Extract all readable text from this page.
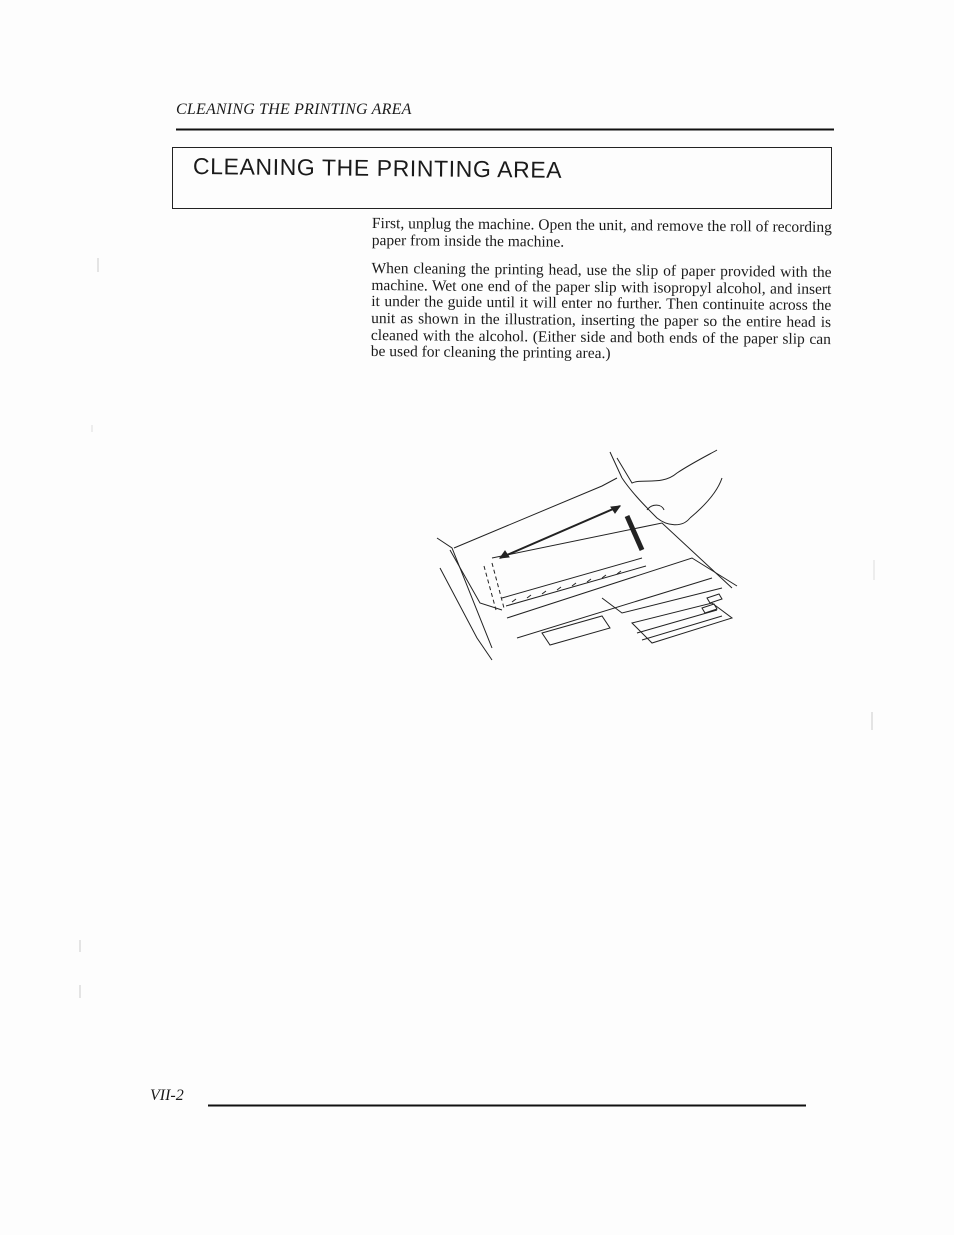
CLEANING THE PRINTING AREA
CLEANING THE PRINTING AREA

First, unplug the machine. Open the unit, and remove the roll of recording paper from inside the machine.

When cleaning the printing head, use the slip of paper provided with the machine. Wet one end of the paper slip with isopropyl alcohol, and insert it under the guide until it will enter no further. Then continuite across the unit as shown in the illustration, inserting the paper so the entire head is cleaned with the alcohol. (Either side and both ends of the paper slip can be used for cleaning the printing area.)

VII-2
